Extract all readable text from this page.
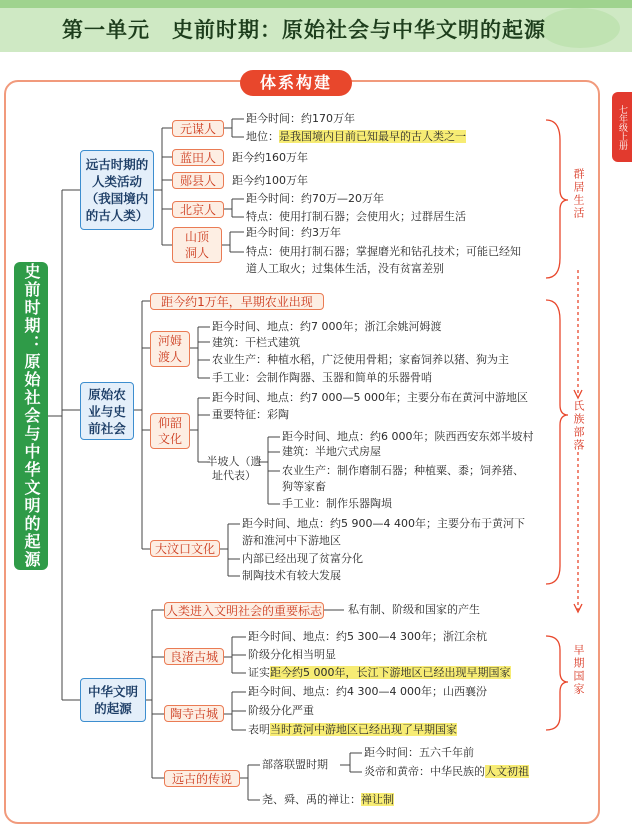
第一单元　史前时期：原始社会与中华文明的起源
七年级上册
体系构建
史前时期：原始社会与中华文明的起源
远古时期的人类活动（我国境内的古人类）
元谋人
距今时间：约170万年
地位：是我国境内目前已知最早的古人类之一
蓝田人	距今约160万年
郧县人	距今约100万年
北京人
距今时间：约70万—20万年
特点：使用打制石器；会使用火；过群居生活
山顶洞人
距今时间：约3万年
特点：使用打制石器；掌握磨光和钻孔技术；可能已经知
道人工取火；过集体生活，没有贫富差别
原始农业与史前社会
距今约1万年，早期农业出现
河姆渡人
距今时间、地点：约7 000年；浙江余姚河姆渡
建筑：干栏式建筑
农业生产：种植水稻，广泛使用骨耜；家畜饲养以猪、狗为主
手工业：会制作陶器、玉器和简单的乐器骨哨
仰韶文化
距今时间、地点：约7 000—5 000年；主要分布在黄河中游地区
重要特征：彩陶
半坡人（遗址代表）
距今时间、地点：约6 000年；陕西西安东郊半坡村
建筑：半地穴式房屋
农业生产：制作磨制石器；种植粟、黍；饲养猪、
狗等家畜
手工业：制作乐器陶埙
大汶口文化
距今时间、地点：约5 900—4 400年；主要分布于黄河下
游和淮河中下游地区
内部已经出现了贫富分化
制陶技术有较大发展
中华文明的起源
人类进入文明社会的重要标志 私有制、阶级和国家的产生
良渚古城
距今时间、地点：约5 300—4 300年；浙江余杭
阶级分化相当明显
证实距今约5 000年，长江下游地区已经出现早期国家
陶寺古城
距今时间、地点：约4 300—4 000年；山西襄汾
阶级分化严重
表明当时黄河中游地区已经出现了早期国家
远古的传说
部落联盟时期
距今时间：五六千年前
炎帝和黄帝：中华民族的人文初祖
尧、舜、禹的禅让：禅让制
群居生活
氏族部落
早期国家
